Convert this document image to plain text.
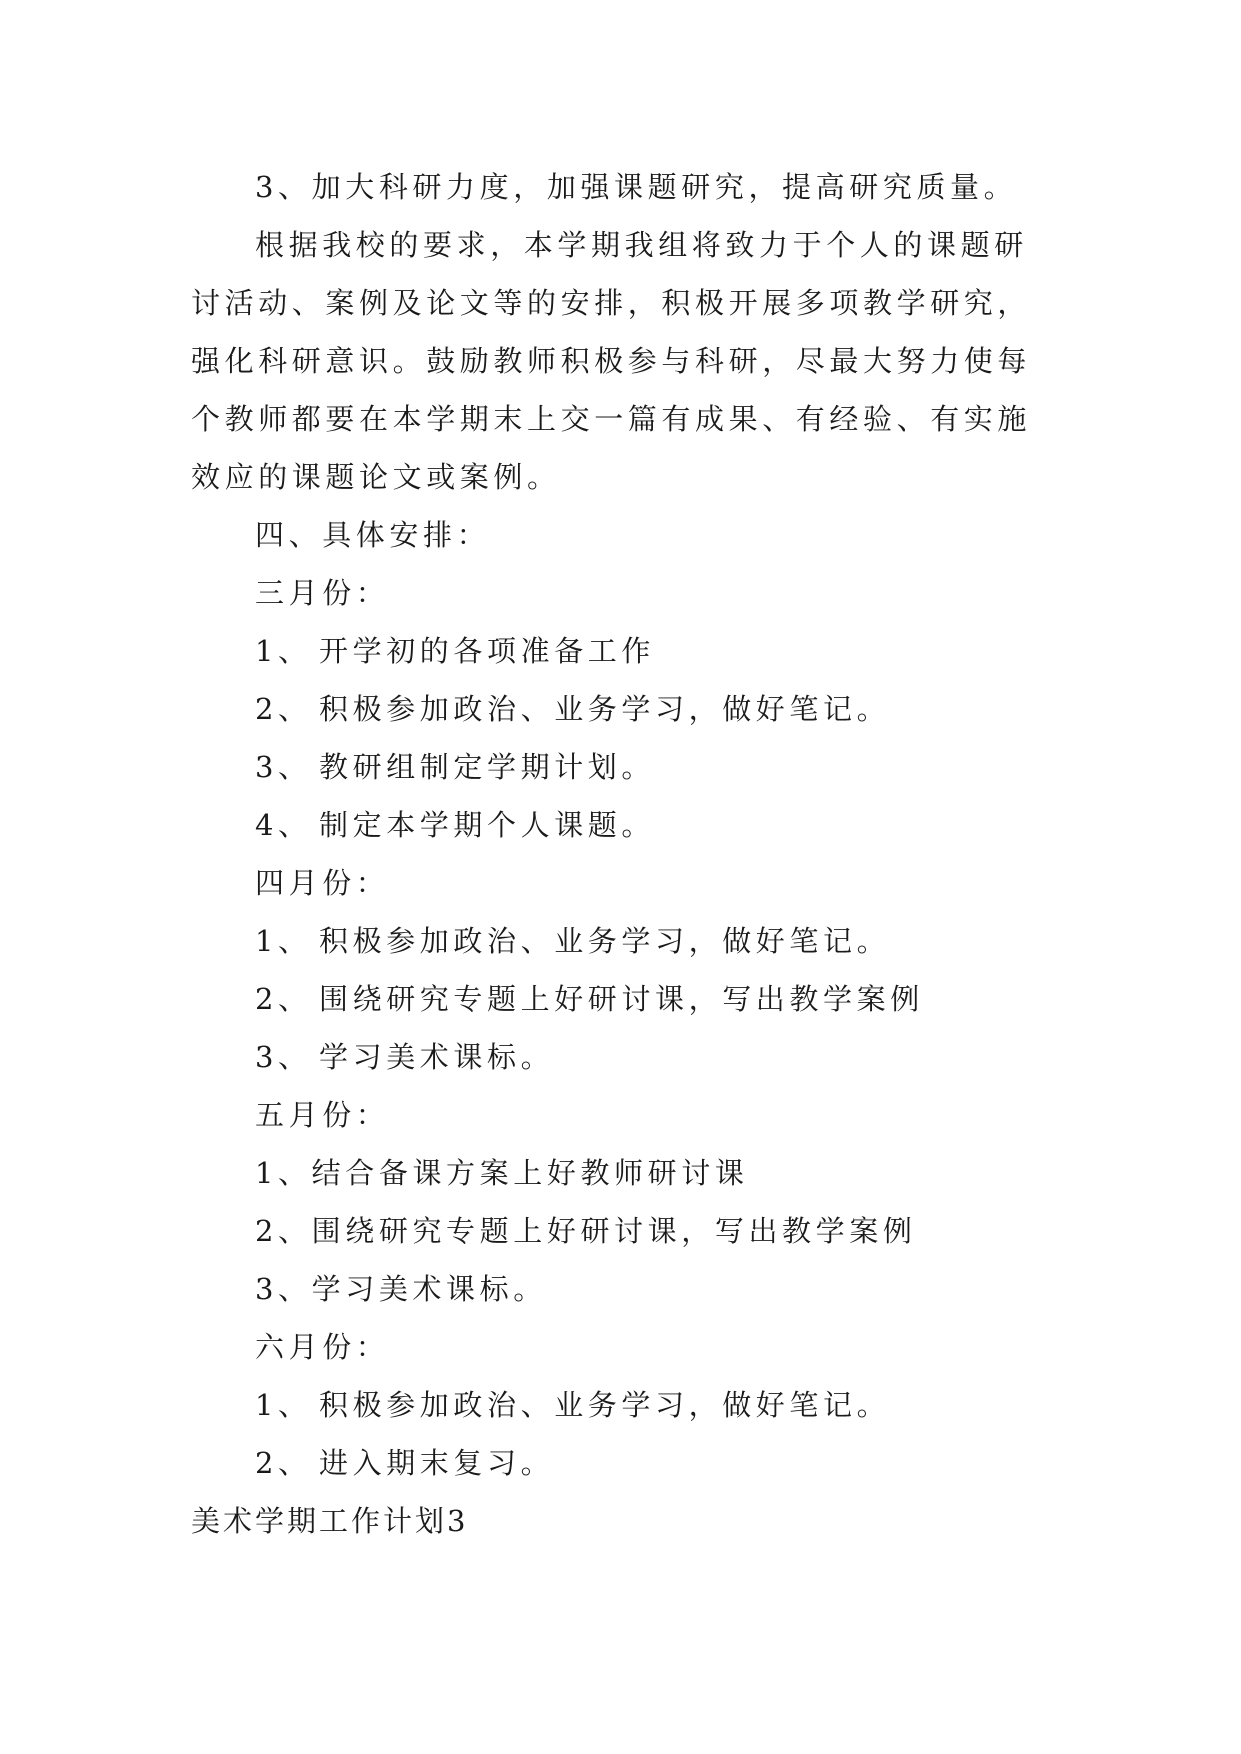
3、加大科研力度，加强课题研究，提高研究质量。

根据我校的要求，本学期我组将致力于个人的课题研讨活动、案例及论文等的安排，积极开展多项教学研究，强化科研意识。鼓励教师积极参与科研，尽最大努力使每个教师都要在本学期末上交一篇有成果、有经验、有实施效应的课题论文或案例。

四、具体安排：

三月份：

1、 开学初的各项准备工作

2、 积极参加政治、业务学习，做好笔记。

3、 教研组制定学期计划。

4、 制定本学期个人课题。

四月份：

1、 积极参加政治、业务学习，做好笔记。

2、 围绕研究专题上好研讨课，写出教学案例

3、 学习美术课标。

五月份：

1、结合备课方案上好教师研讨课

2、围绕研究专题上好研讨课，写出教学案例

3、学习美术课标。

六月份：

1、 积极参加政治、业务学习，做好笔记。

2、 进入期末复习。

美术学期工作计划3
